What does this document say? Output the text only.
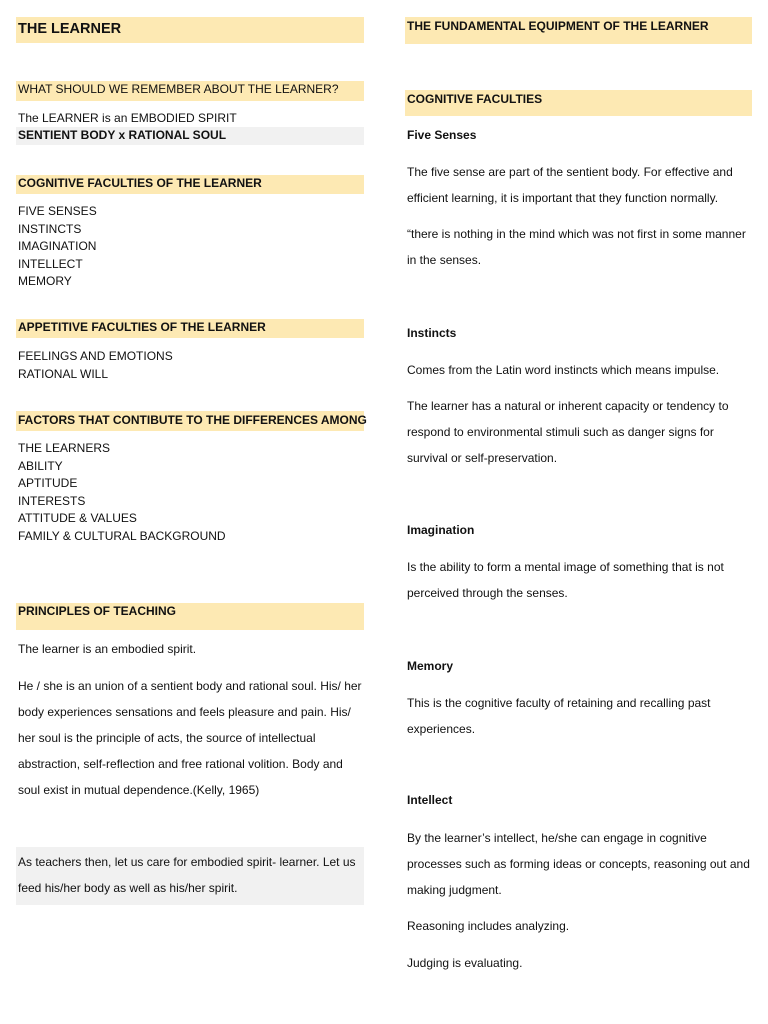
THE LEARNER
WHAT SHOULD WE REMEMBER ABOUT THE LEARNER?
The LEARNER is an EMBODIED SPIRIT
SENTIENT BODY x RATIONAL SOUL
COGNITIVE FACULTIES OF THE LEARNER
FIVE SENSES
INSTINCTS
IMAGINATION
INTELLECT
MEMORY
APPETITIVE FACULTIES OF THE LEARNER
FEELINGS AND EMOTIONS
RATIONAL WILL
FACTORS THAT CONTIBUTE TO THE DIFFERENCES AMONG
THE LEARNERS
ABILITY
APTITUDE
INTERESTS
ATTITUDE & VALUES
FAMILY & CULTURAL BACKGROUND
PRINCIPLES OF TEACHING
The learner is an embodied spirit.
He / she is an union of a sentient body and rational soul. His/ her body experiences sensations and feels pleasure and pain. His/ her soul is the principle of acts, the source of intellectual abstraction, self-reflection and free rational volition. Body and soul exist in mutual dependence.(Kelly, 1965)
As teachers then, let us care for embodied spirit- learner. Let us feed his/her body as well as his/her spirit.
THE FUNDAMENTAL EQUIPMENT OF THE LEARNER
COGNITIVE FACULTIES
Five Senses
The five sense are part of the sentient body. For effective and efficient learning, it is important that they function normally.
“there is nothing in the mind which was not first in some manner in the senses.
Instincts
Comes from the Latin word instincts which means impulse.
The learner has a natural or inherent capacity or tendency to respond to environmental stimuli such as danger signs for survival or self-preservation.
Imagination
Is the ability to form a mental image of something that is not perceived through the senses.
Memory
This is the cognitive faculty of retaining and recalling past experiences.
Intellect
By the learner’s intellect, he/she can engage in cognitive processes such as forming ideas or concepts, reasoning out and making judgment.
Reasoning includes analyzing.
Judging is evaluating.
